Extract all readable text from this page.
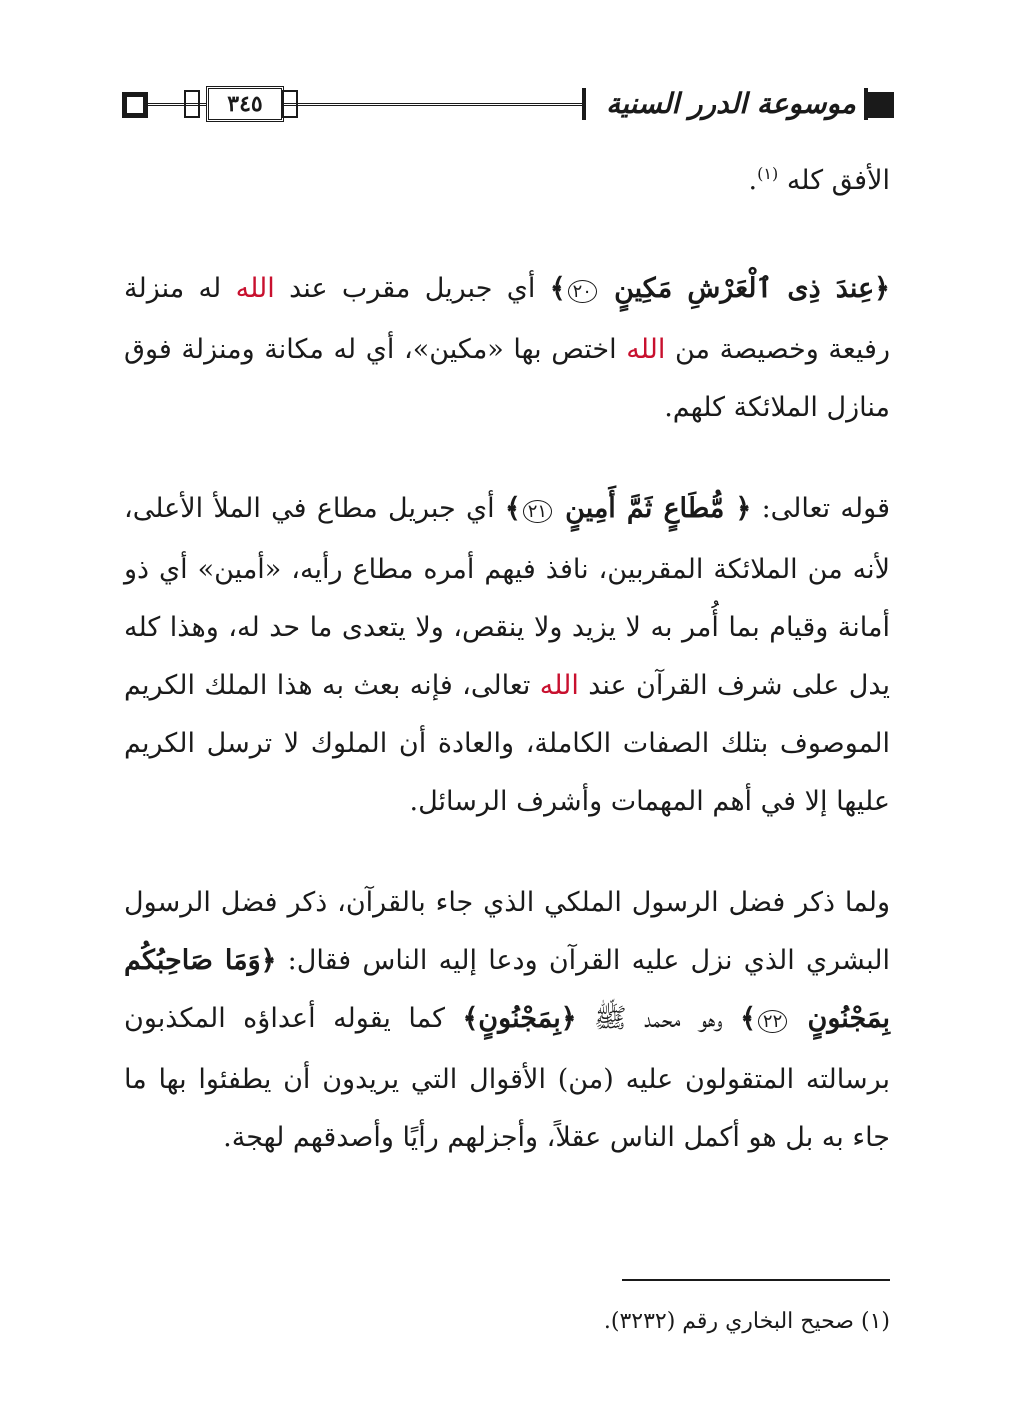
٣٤٥	موسوعة الدرر السنية

الأفق كله $^{(١)}$.

﴿عِندَ ذِى ٱلْعَرْشِ مَكِينٍ ٢٠﴾ أي جبريل مقرب عند الله له منزلة رفيعة وخصيصة من الله اختص بها «مكين»، أي له مكانة ومنزلة فوق منازل الملائكة كلهم.

قوله تعالى: ﴿ مُّطَاعٍ ثَمَّ أَمِينٍ ٢١﴾ أي جبريل مطاع في الملأ الأعلى، لأنه من الملائكة المقربين، نافذ فيهم أمره مطاع رأيه، «أمين» أي ذو أمانة وقيام بما أُمر به لا يزيد ولا ينقص، ولا يتعدى ما حد له، وهذا كله يدل على شرف القرآن عند الله تعالى، فإنه بعث به هذا الملك الكريم الموصوف بتلك الصفات الكاملة، والعادة أن الملوك لا ترسل الكريم عليها إلا في أهم المهمات وأشرف الرسائل.

ولما ذكر فضل الرسول الملكي الذي جاء بالقرآن، ذكر فضل الرسول البشري الذي نزل عليه القرآن ودعا إليه الناس فقال: ﴿وَمَا صَاحِبُكُم بِمَجْنُونٍ ٢٢﴾ وهو محمد ﷺ ﴿بِمَجْنُونٍ﴾ كما يقوله أعداؤه المكذبون برسالته المتقولون عليه (من) الأقوال التي يريدون أن يطفئوا بها ما جاء به بل هو أكمل الناس عقلاً، وأجزلهم رأيًا وأصدقهم لهجة.

(١) صحيح البخاري رقم (٣٢٣٢).
